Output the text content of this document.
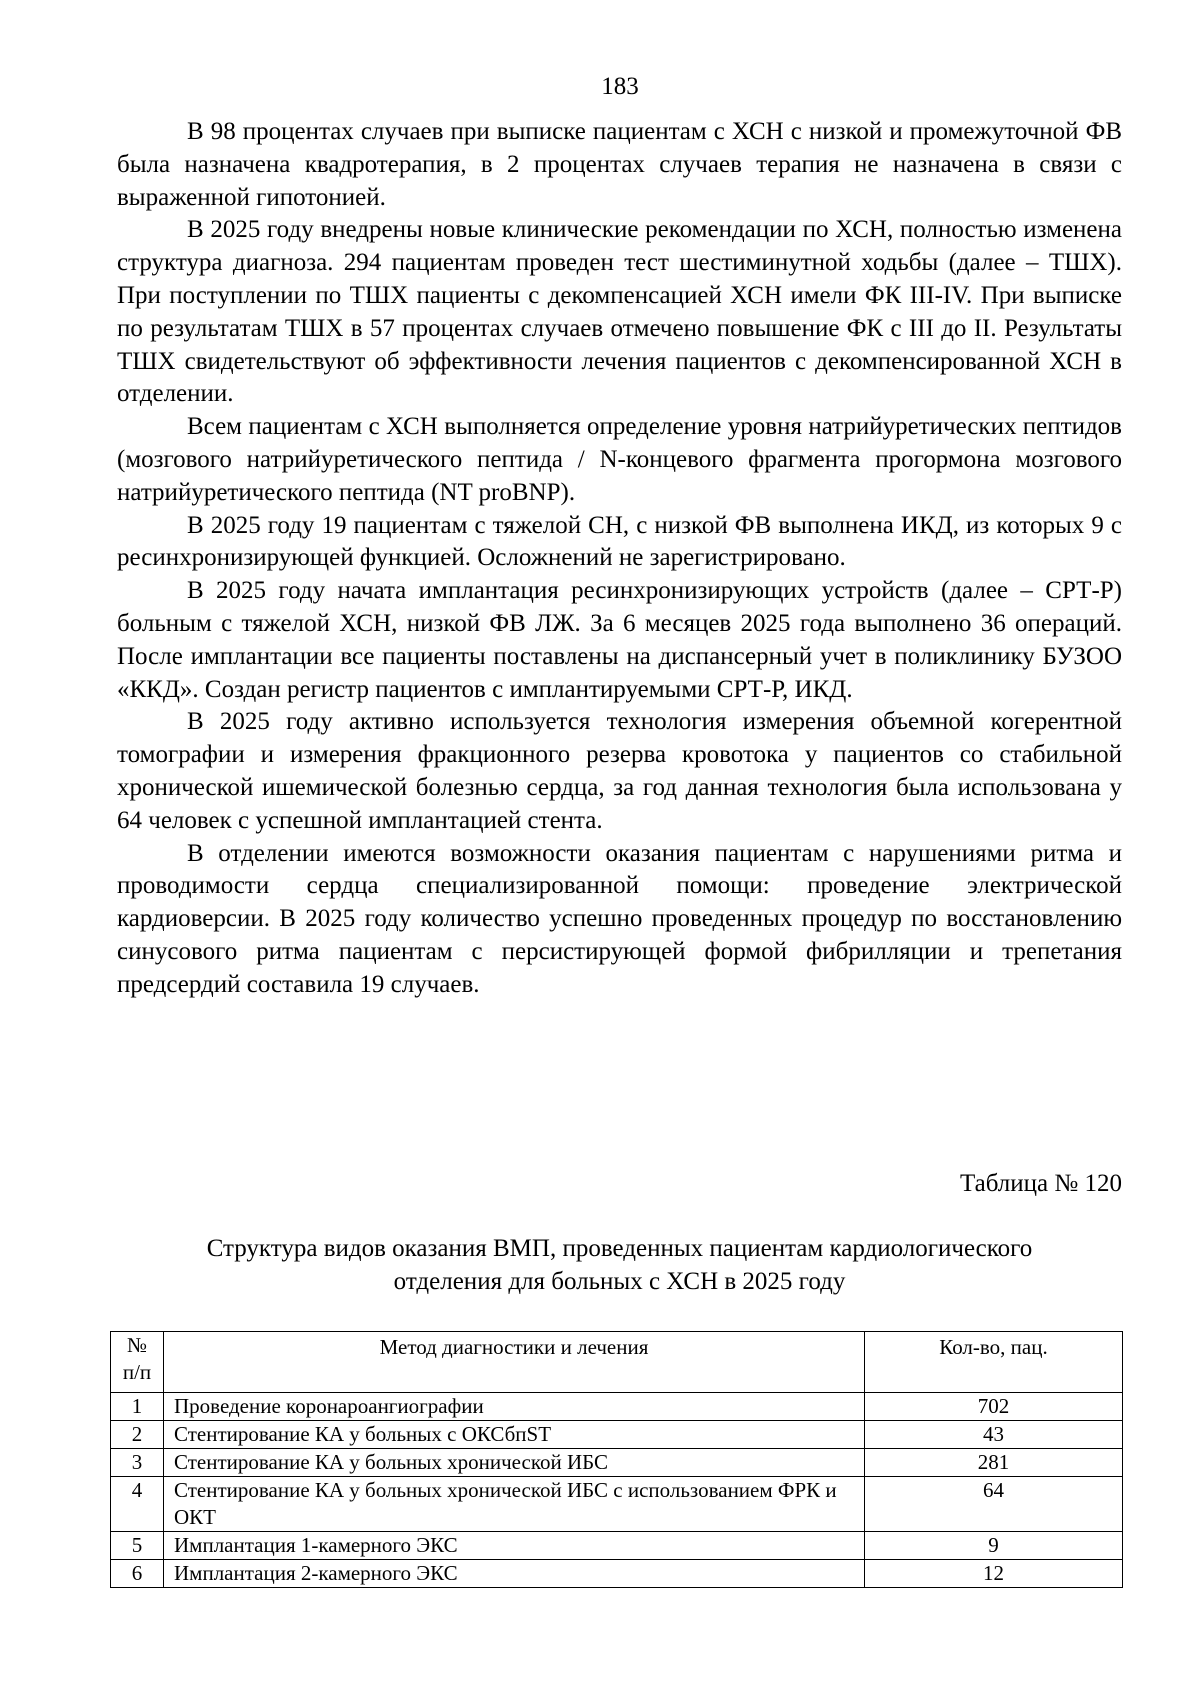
183

В 98 процентах случаев при выписке пациентам с ХСН с низкой и промежуточной ФВ была назначена квадротерапия, в 2 процентах случаев терапия не назначена в связи с выраженной гипотонией.

В 2025 году внедрены новые клинические рекомендации по ХСН, полностью изменена структура диагноза. 294 пациентам проведен тест шестиминутной ходьбы (далее – ТШХ). При поступлении по ТШХ пациенты с декомпенсацией ХСН имели ФК III-IV. При выписке по результатам ТШХ в 57 процентах случаев отмечено повышение ФК с III до II. Результаты ТШХ свидетельствуют об эффективности лечения пациентов с декомпенсированной ХСН в отделении.

Всем пациентам с ХСН выполняется определение уровня натрийуретических пептидов (мозгового натрийуретического пептида / N-концевого фрагмента прогормона мозгового натрийуретического пептида (NT proBNP).

В 2025 году 19 пациентам с тяжелой СН, с низкой ФВ выполнена ИКД, из которых 9 с ресинхронизирующей функцией. Осложнений не зарегистрировано.

В 2025 году начата имплантация ресинхронизирующих устройств (далее – СРТ-Р) больным с тяжелой ХСН, низкой ФВ ЛЖ. За 6 месяцев 2025 года выполнено 36 операций. После имплантации все пациенты поставлены на диспансерный учет в поликлинику БУЗОО «ККД». Создан регистр пациентов с имплантируемыми СРТ-Р, ИКД.

В 2025 году активно используется технология измерения объемной когерентной томографии и измерения фракционного резерва кровотока у пациентов со стабильной хронической ишемической болезнью сердца, за год данная технология была использована у 64 человек с успешной имплантацией стента.

В отделении имеются возможности оказания пациентам с нарушениями ритма и проводимости сердца специализированной помощи: проведение электрической кардиоверсии. В 2025 году количество успешно проведенных процедур по восстановлению синусового ритма пациентам с персистирующей формой фибрилляции и трепетания предсердий составила 19 случаев.

Таблица № 120
Структура видов оказания ВМП, проведенных пациентам кардиологического
отделения для больных с ХСН в 2025 году
№
п/п	Метод диагностики и лечения	Кол-во, пац.
1	Проведение коронароангиографии	702
2	Стентирование КА у больных с ОКСбпST	43
3	Стентирование КА у больных хронической ИБС	281
4	Стентирование КА у больных хронической ИБС с использованием ФРК и ОКТ	64
5	Имплантация 1-камерного ЭКС	9
6	Имплантация 2-камерного ЭКС	12
